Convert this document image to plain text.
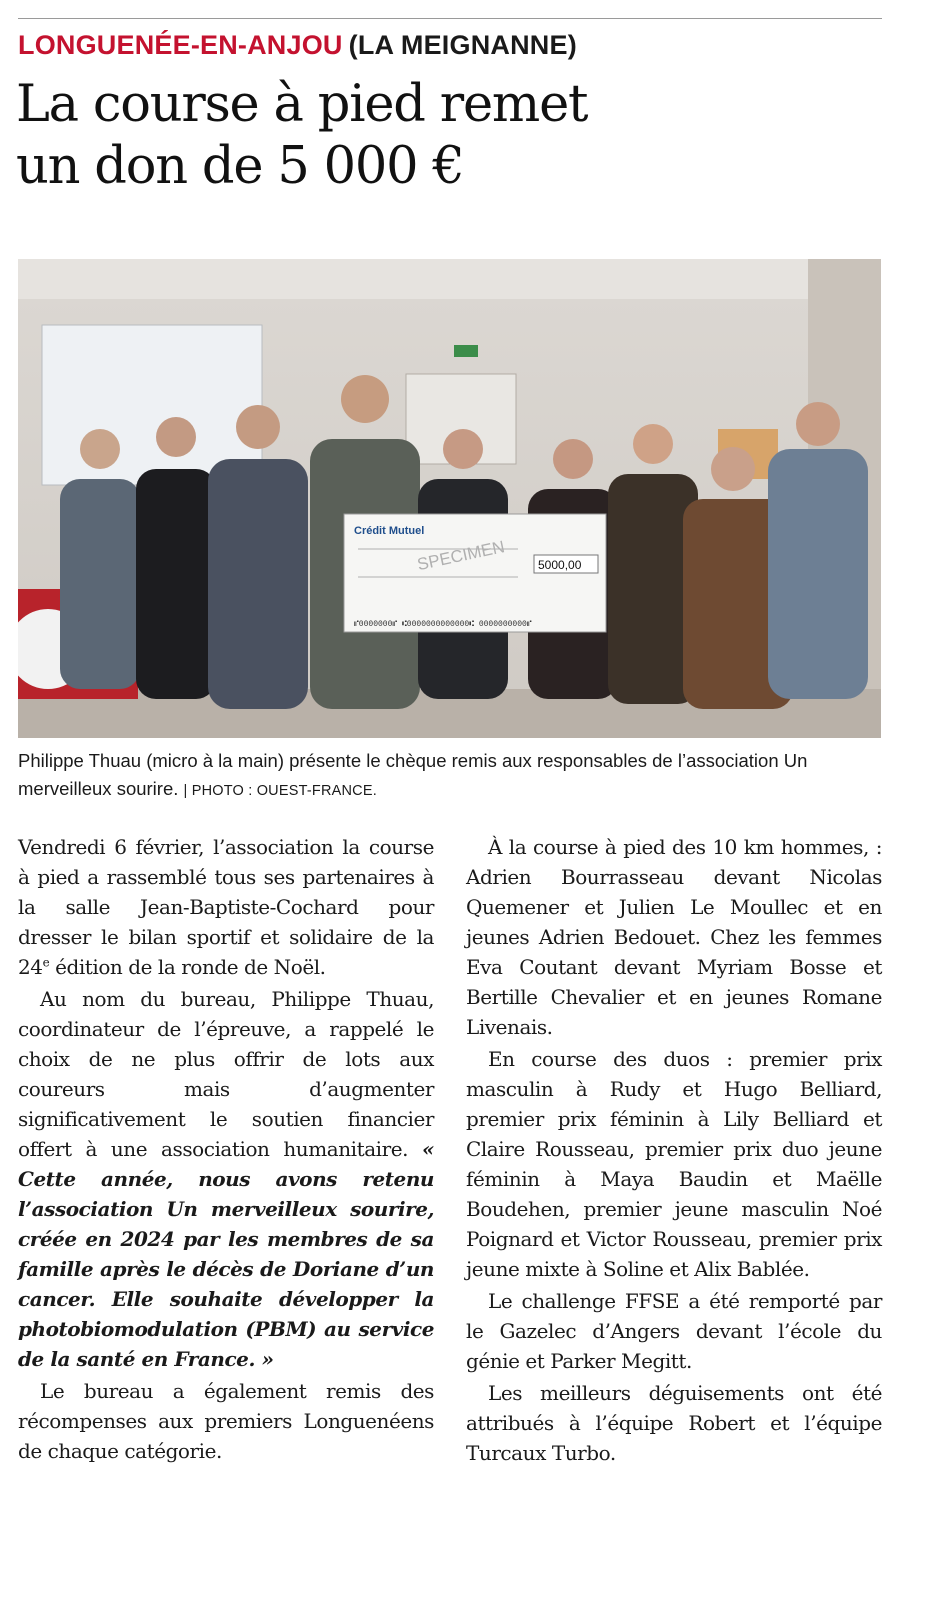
LONGUENÉE-EN-ANJOU (LA MEIGNANNE)
La course à pied remet
un don de 5 000 €
Crédit Mutuel
SPECIMEN	5000,00
⑈0000000⑈ ⑆0000000000000⑆ 0000000000⑈
Philippe Thuau (micro à la main) présente le chèque remis aux responsables de l’association Un merveilleux sourire. | PHOTO : OUEST-FRANCE.

Vendredi 6 février, l’association la course à pied a rassemblé tous ses partenaires à la salle Jean-Baptiste-Cochard pour dresser le bilan sportif et solidaire de la 24e édition de la ronde de Noël.

Au nom du bureau, Philippe Thuau, coordinateur de l’épreuve, a rappelé le choix de ne plus offrir de lots aux coureurs mais d’augmenter significativement le soutien financier offert à une association humanitaire. « Cette année, nous avons retenu l’association Un merveilleux sourire, créée en 2024 par les membres de sa famille après le décès de Doriane d’un cancer. Elle souhaite développer la photobiomodulation (PBM) au service de la santé en France. »

Le bureau a également remis des récompenses aux premiers Longuenéens de chaque catégorie.

À la course à pied des 10 km hommes, : Adrien Bourrasseau devant Nicolas Quemener et Julien Le Moullec et en jeunes Adrien Bedouet. Chez les femmes Eva Coutant devant Myriam Bosse et Bertille Chevalier et en jeunes Romane Livenais.

En course des duos : premier prix masculin à Rudy et Hugo Belliard, premier prix féminin à Lily Belliard et Claire Rousseau, premier prix duo jeune féminin à Maya Baudin et Maëlle Boudehen, premier jeune masculin Noé Poignard et Victor Rousseau, premier prix jeune mixte à Soline et Alix Bablée.

Le challenge FFSE a été remporté par le Gazelec d’Angers devant l’école du génie et Parker Megitt.

Les meilleurs déguisements ont été attribués à l’équipe Robert et l’équipe Turcaux Turbo.
